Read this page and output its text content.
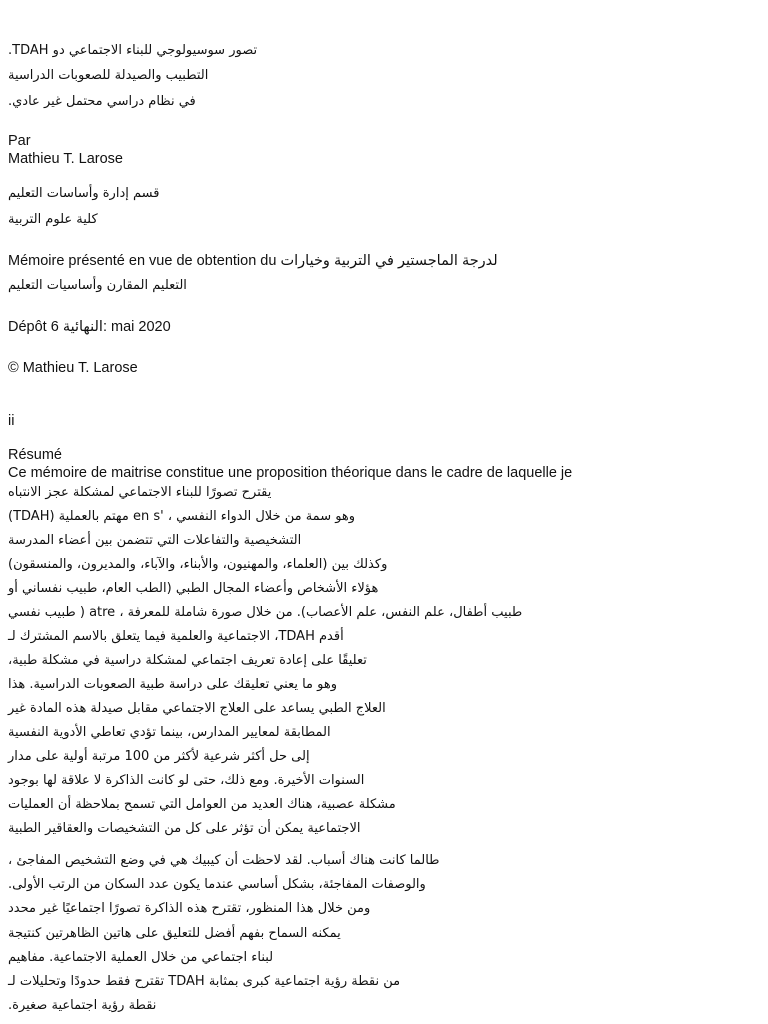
تصور سوسيولوجي للبناء الاجتماعي دو TDAH.
التطبيب والصيدلة للصعوبات الدراسية
في نظام دراسي محتمل غير عادي.
Par
Mathieu T. Larose
قسم إدارة وأساسات التعليم
كلية علوم التربية
Mémoire présenté en vue de obtention du لدرجة الماجستير في التربية وخيارات
التعليم المقارن وأساسيات التعليم
Dépôt 6 النهائية: mai 2020
© Mathieu T. Larose
ii
Résumé
Ce mémoire de maitrise constitue une proposition théorique dans le cadre de laquelle je
يقترح تصورًا للبناء الاجتماعي لمشكلة عجز الانتباه
(TDAH) مهتم بالعملية en s' ، وهو سمة من خلال الدواء النفسي
التشخيصية والتفاعلات التي تتضمن بين أعضاء المدرسة
وكذلك بين (العلماء، والمهنيون، والأبناء، والآباء، والمديرون، والمنسقون)
هؤلاء الأشخاص وأعضاء المجال الطبي (الطب العام، طبيب نفساني أو
طبيب أطفال، علم النفس، علم الأعصاب). من خلال صورة شاملة للمعرفة ، atre ( طبيب نفسي
أقدم TDAH، الاجتماعية والعلمية فيما يتعلق بالاسم المشترك لـ
تعليقًا على إعادة تعريف اجتماعي لمشكلة دراسية في مشكلة طبية،
وهو ما يعني تعليقك على دراسة طبية الصعوبات الدراسية. هذا
العلاج الطبي يساعد على العلاج الاجتماعي مقابل صيدلة هذه المادة غير
المطابقة لمعايير المدارس، بينما تؤدي تعاطي الأدوية النفسية
إلى حل أكثر شرعية لأكثر من 100 مرتبة أولية على مدار
السنوات الأخيرة. ومع ذلك، حتى لو كانت الذاكرة لا علاقة لها بوجود
مشكلة عصبية، هناك العديد من العوامل التي تسمح بملاحظة أن العمليات
الاجتماعية يمكن أن تؤثر على كل من التشخيصات والعقاقير الطبية
طالما كانت هناك أسباب. لقد لاحظت أن كيبيك هي في وضع التشخيص المفاجئ ،
والوصفات المفاجئة، بشكل أساسي عندما يكون عدد السكان من الرتب الأولى.
ومن خلال هذا المنظور، تقترح هذه الذاكرة تصورًا اجتماعيًا غير محدد
يمكنه السماح بفهم أفضل للتعليق على هاتين الظاهرتين كنتيجة
لبناء اجتماعي من خلال العملية الاجتماعية. مفاهيم
من نقطة رؤية اجتماعية كبرى بمثابة TDAH تقترح فقط حدودًا وتحليلات لـ
نقطة رؤية اجتماعية صغيرة.
